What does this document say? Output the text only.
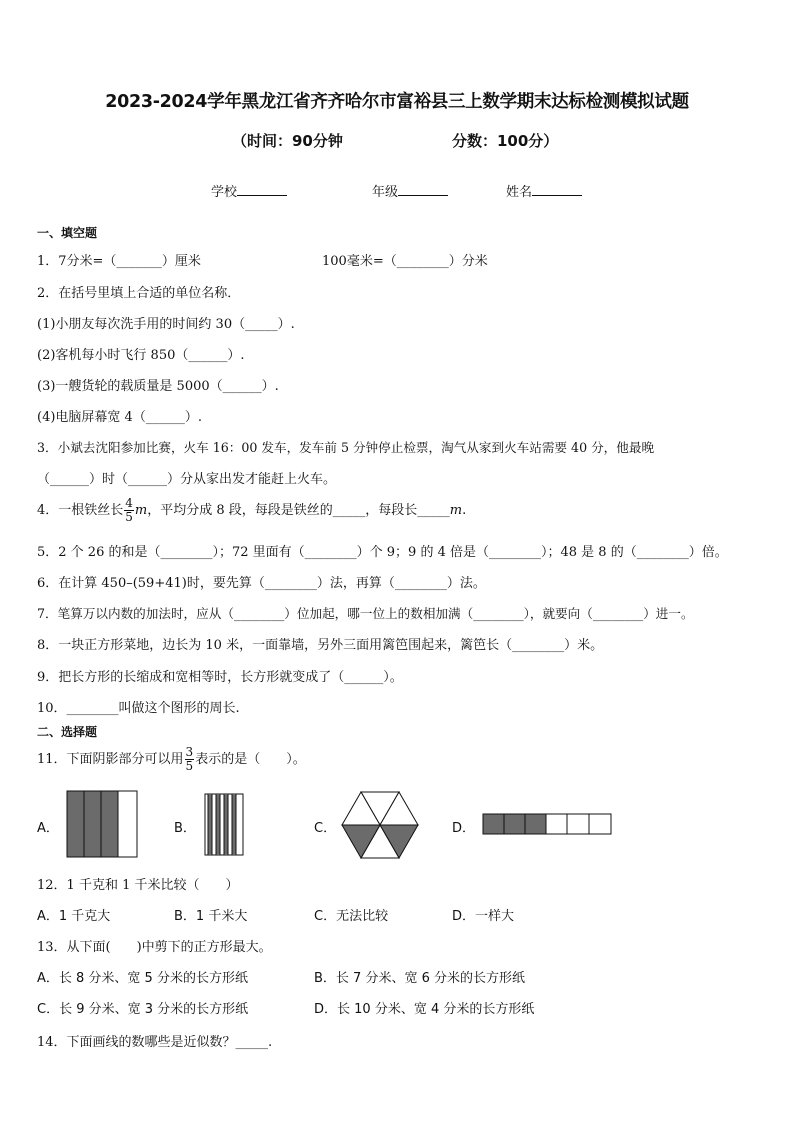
2023-2024学年黑龙江省齐齐哈尔市富裕县三上数学期末达标检测模拟试题
（时间：90分钟	分数：100分）
学校	年级	姓名
一、填空题
1．7分米=（_______）厘米	100毫米=（________）分米
2．在括号里填上合适的单位名称．
(1)小朋友每次洗手用的时间约 30（_____）.
(2)客机每小时飞行 850（______）.
(3)一艘货轮的载质量是 5000（______）.
(4)电脑屏幕宽 4（______）.
3．小斌去沈阳参加比赛，火车 16：00 发车，发车前 5 分钟停止检票，淘气从家到火车站需要 40 分，他最晚
（______）时（______）分从家出发才能赶上火车。
4．一根铁丝长 $\frac{4}{5}$ m，平均分成 8 段，每段是铁丝的_____，每段长_____m.
5．2 个 26 的和是（________）；72 里面有（________）个 9；9 的 4 倍是（________）；48 是 8 的（________）倍。
6．在计算 450–(59+41)时，要先算（________）法，再算（________）法。
7．笔算万以内数的加法时，应从（________）位加起，哪一位上的数相加满（________），就要向（________）进一。
8．一块正方形菜地，边长为 10 米，一面靠墙，另外三面用篱笆围起来，篱笆长（________）米。
9．把长方形的长缩成和宽相等时，长方形就变成了（______）。
10．________叫做这个图形的周长.
二、选择题
11．下面阴影部分可以用 $\frac{3}{5}$ 表示的是（　　）。
A．	B．	C．	D．
12．1 千克和 1 千米比较（　　）
A．1 千克大	B．1 千米大	C．无法比较	D．一样大
13．从下面(　　)中剪下的正方形最大。
A．长 8 分米、宽 5 分米的长方形纸	B．长 7 分米、宽 6 分米的长方形纸
C．长 9 分米、宽 3 分米的长方形纸	D．长 10 分米、宽 4 分米的长方形纸
14．下面画线的数哪些是近似数？_____.
